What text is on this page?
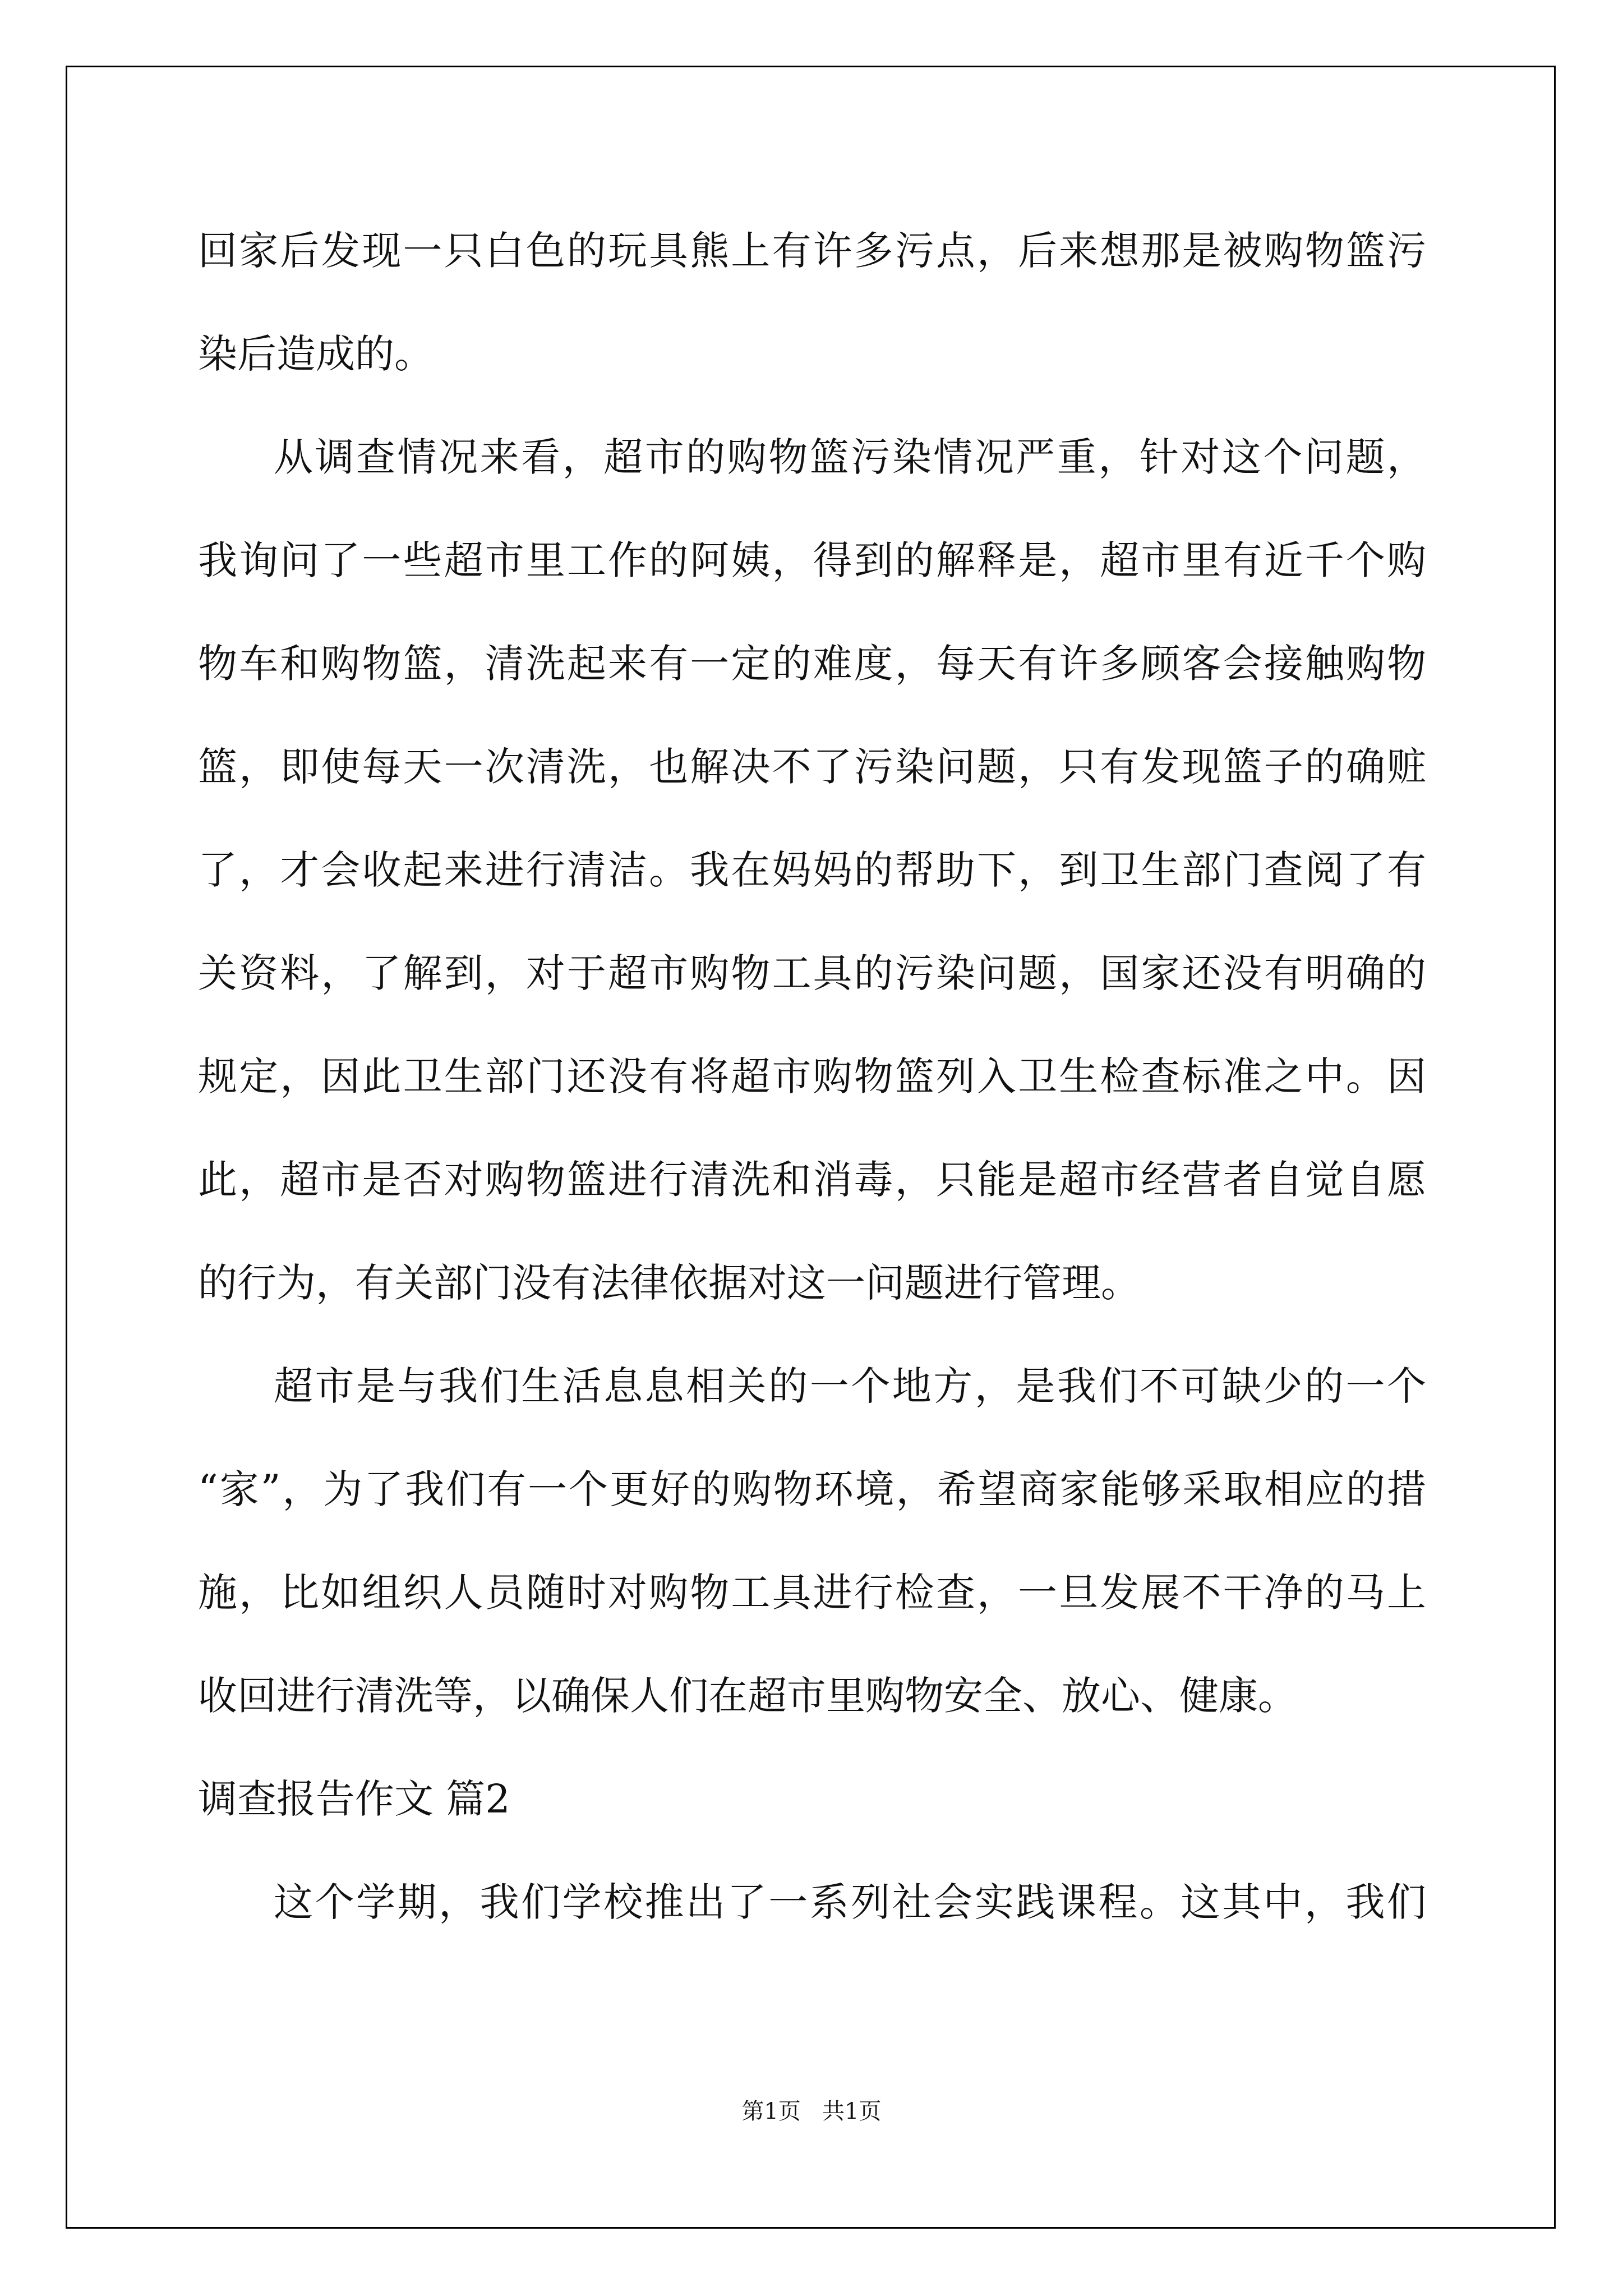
回家后发现一只白色的玩具熊上有许多污点，后来想那是被购物篮污
染后造成的。
从调查情况来看，超市的购物篮污染情况严重，针对这个问题，
我询问了一些超市里工作的阿姨，得到的解释是，超市里有近千个购
物车和购物篮，清洗起来有一定的难度，每天有许多顾客会接触购物
篮，即使每天一次清洗，也解决不了污染问题，只有发现篮子的确赃
了，才会收起来进行清洁。我在妈妈的帮助下，到卫生部门查阅了有
关资料，了解到，对于超市购物工具的污染问题，国家还没有明确的
规定，因此卫生部门还没有将超市购物篮列入卫生检查标准之中。因
此，超市是否对购物篮进行清洗和消毒，只能是超市经营者自觉自愿
的行为，有关部门没有法律依据对这一问题进行管理。
超市是与我们生活息息相关的一个地方，是我们不可缺少的一个
“家”，为了我们有一个更好的购物环境，希望商家能够采取相应的措
施，比如组织人员随时对购物工具进行检查，一旦发展不干净的马上
收回进行清洗等，以确保人们在超市里购物安全、放心、健康。
调查报告作文 篇2
这个学期，我们学校推出了一系列社会实践课程。这其中，我们
第1页   共1页
